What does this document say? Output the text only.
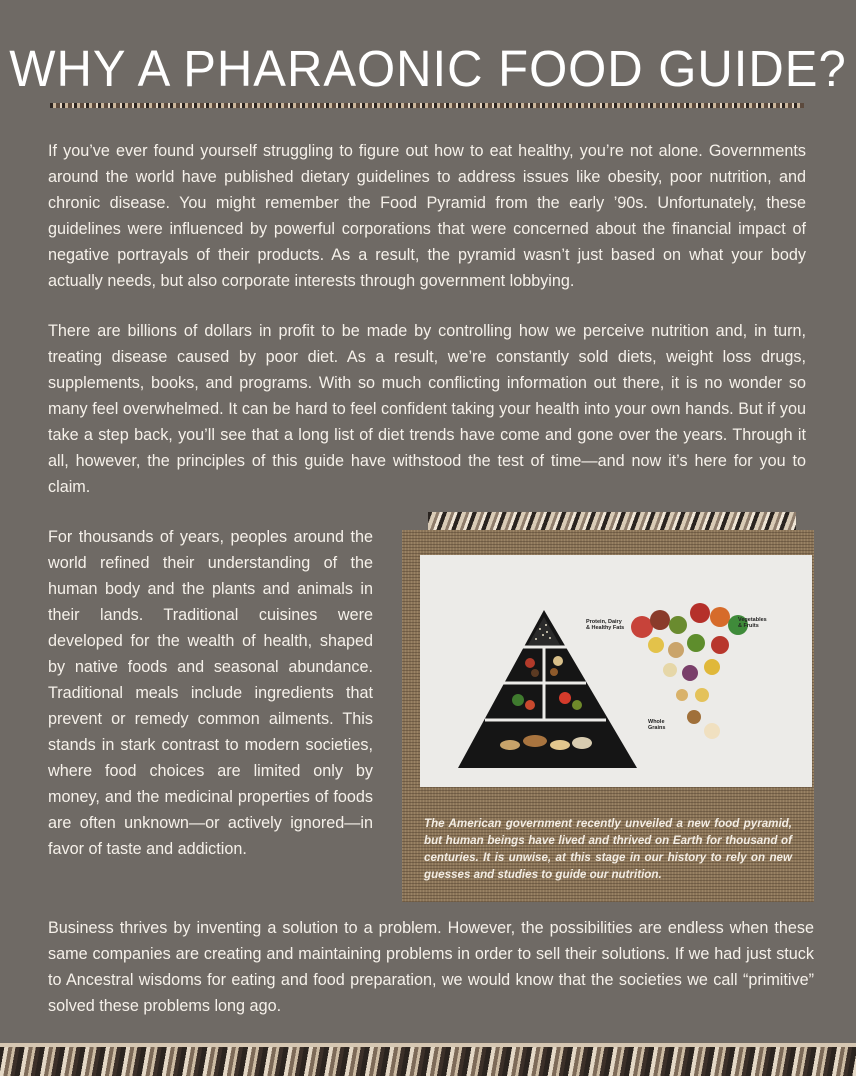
WHY A PHARAONIC FOOD GUIDE?

If you’ve ever found yourself struggling to figure out how to eat healthy, you’re not alone. Governments around the world have published dietary guidelines to address issues like obesity, poor nutrition, and chronic disease. You might remember the Food Pyramid from the early ’90s. Unfortunately, these guidelines were influenced by powerful corporations that were concerned about the financial impact of negative portrayals of their products. As a result, the pyramid wasn’t just based on what your body actually needs, but also corporate interests through government lobbying.

There are billions of dollars in profit to be made by controlling how we perceive nutrition and, in turn, treating disease caused by poor diet. As a result, we’re constantly sold diets, weight loss drugs, supplements, books, and programs. With so much conflicting information out there, it is no wonder so many feel overwhelmed. It can be hard to feel confident taking your health into your own hands. But if you take a step back, you’ll see that a long list of diet trends have come and gone over the years. Through it all, however, the principles of this guide have withstood the test of time—and now it’s here for you to claim.

For thousands of years, peoples around the world refined their understanding of the human body and the plants and animals in their lands. Traditional cuisines were developed for the wealth of health, shaped by native foods and seasonal abundance. Traditional meals include ingredients that prevent or remedy common ailments. This stands in stark contrast to modern societies, where food choices are limited only by money, and the medicinal properties of foods are often unknown—or actively ignored—in favor of taste and addiction.

Protein, Dairy
& Healthy Fats
Vegetables
& Fruits
Whole
Grains

The American government recently unveiled a new food pyramid, but human beings have lived and thrived on Earth for thousand of centuries. It is unwise, at this stage in our history to rely on new guesses and studies to guide our nutrition.

Business thrives by inventing a solution to a problem. However, the possibilities are endless when these same companies are creating and maintaining problems in order to sell their solutions. If we had just stuck to Ancestral wisdoms for eating and food preparation, we would know that the societies we call “primitive” solved these problems long ago.
